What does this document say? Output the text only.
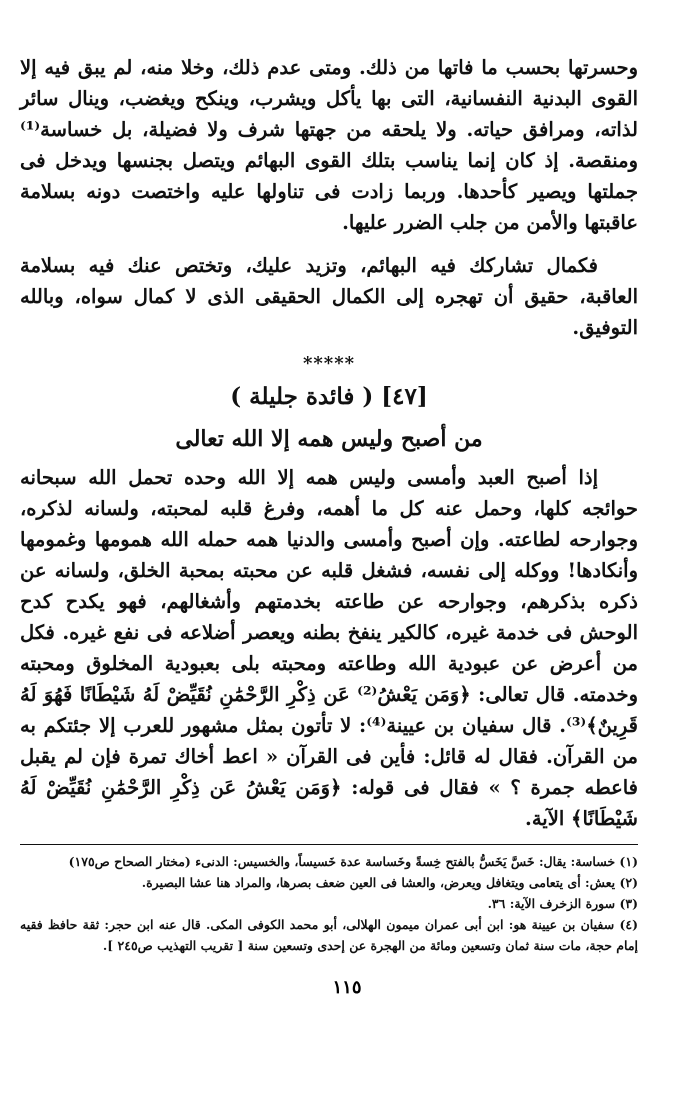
وحسرتها بحسب ما فاتها من ذلك. ومتى عدم ذلك، وخلا منه، لم يبق فيه إلا القوى البدنية النفسانية، التى بها يأكل ويشرب، وينكح ويغضب، وينال سائر لذاته، ومرافق حياته. ولا يلحقه من جهتها شرف ولا فضيلة، بل خساسة⁽¹⁾ ومنقصة. إذ كان إنما يناسب بتلك القوى البهائم ويتصل بجنسها ويدخل فى جملتها ويصير كأحدها. وربما زادت فى تناولها عليه واختصت دونه بسلامة عاقبتها والأمن من جلب الضرر عليها.

فكمال تشاركك فيه البهائم، وتزيد عليك، وتختص عنك فيه بسلامة العاقبة، حقيق أن تهجره إلى الكمال الحقيقى الذى لا كمال سواه، وبالله التوفيق.

*****
[٤٧] ( فائدة جليلة )
من أصبح وليس همه إلا الله تعالى

إذا أصبح العبد وأمسى وليس همه إلا الله وحده تحمل الله سبحانه حوائجه كلها، وحمل عنه كل ما أهمه، وفرغ قلبه لمحبته، ولسانه لذكره، وجوارحه لطاعته. وإن أصبح وأمسى والدنيا همه حمله الله همومها وغمومها وأنكادها! ووكله إلى نفسه، فشغل قلبه عن محبته بمحبة الخلق، ولسانه عن ذكره بذكرهم، وجوارحه عن طاعته بخدمتهم وأشغالهم، فهو يكدح كدح الوحش فى خدمة غيره، كالكير ينفخ بطنه ويعصر أضلاعه فى نفع غيره. فكل من أعرض عن عبودية الله وطاعته ومحبته بلى بعبودية المخلوق ومحبته وخدمته. قال تعالى: ﴿وَمَن يَعْشُ⁽²⁾ عَن ذِكْرِ الرَّحْمَٰنِ نُقَيِّضْ لَهُ شَيْطَانًا فَهُوَ لَهُ قَرِينٌ﴾⁽³⁾. قال سفيان بن عيينة⁽⁴⁾: لا تأتون بمثل مشهور للعرب إلا جئتكم به من القرآن. فقال له قائل: فأين فى القرآن « اعط أخاك تمرة فإن لم يقبل فاعطه جمرة ؟ » فقال فى قوله: ﴿وَمَن يَعْشُ عَن ذِكْرِ الرَّحْمَٰنِ نُقَيِّضْ لَهُ شَيْطَانًا﴾ الآية.

(١) خساسة: يقال: خَسَّ يَخَسُّ بالفتح خِسةً وخَساسة عدة خَسيساً، والخسيس: الدنىء (مختار الصحاح ص١٧٥)

(٢) يعش: أى يتعامى ويتغافل ويعرض، والعشا فى العين ضعف بصرها، والمراد هنا عشا البصيرة.

(٣) سورة الزخرف الآية: ٣٦.

(٤) سفيان بن عيينة هو: ابن أبى عمران ميمون الهلالى، أبو محمد الكوفى المكى. قال عنه ابن حجر: ثقة حافظ فقيه إمام حجة، مات سنة ثمان وتسعين ومائة من الهجرة عن إحدى وتسعين سنة [ تقريب التهذيب ص٢٤٥ ].

١١٥
